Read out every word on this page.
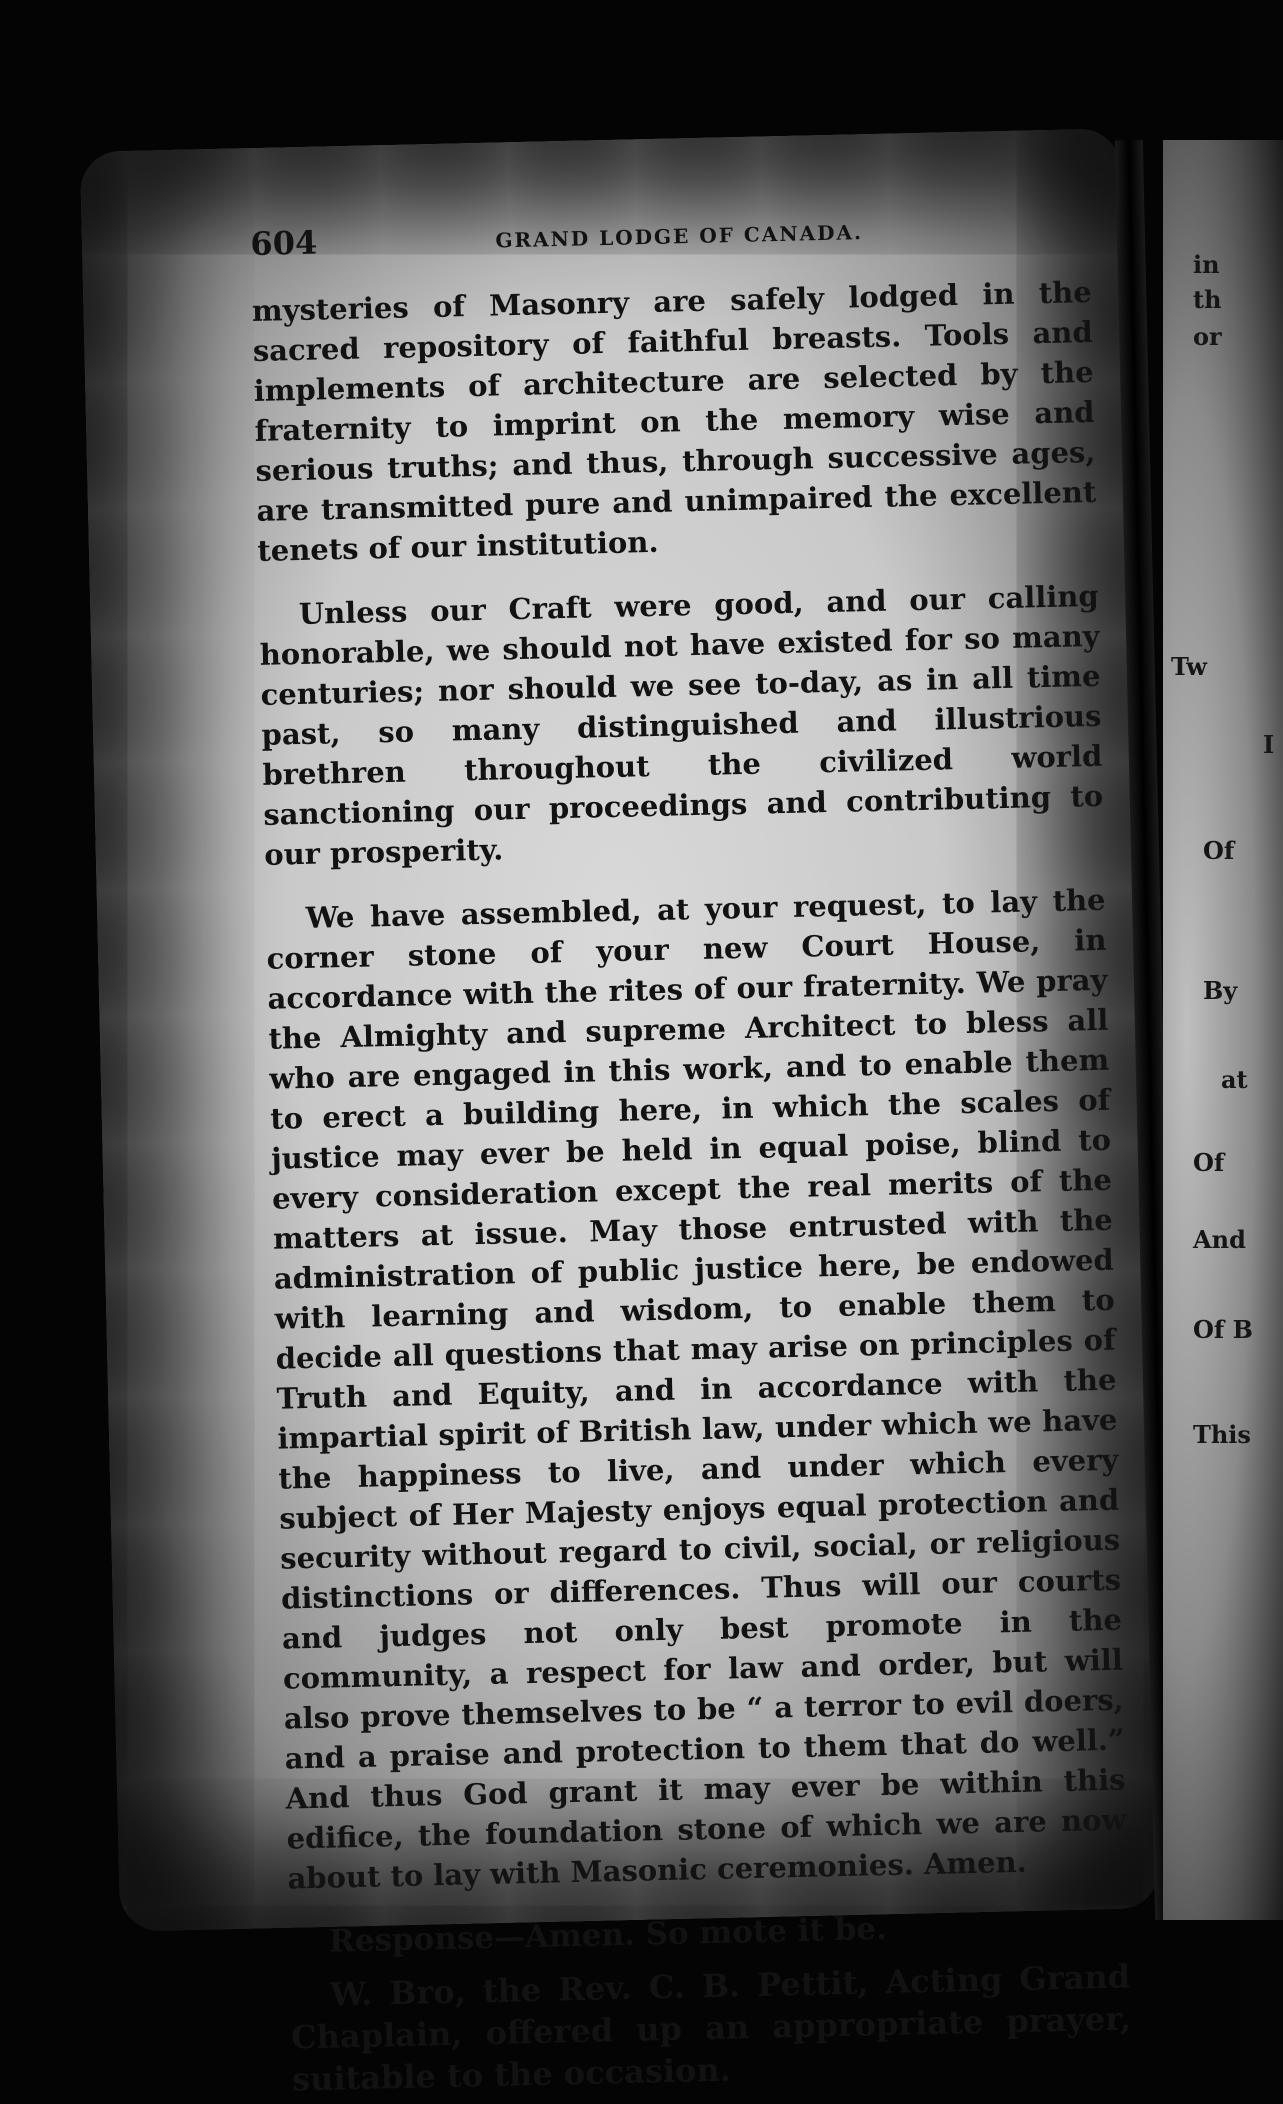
in
th
or
Tw
I
Of
By
at
Of
And
Of B
This
604	GRAND LODGE OF CANADA.

mysteries of Masonry are safely lodged in the sacred repository of faithful breasts. Tools and implements of architecture are selected by the fraternity to imprint on the memory wise and serious truths; and thus, through successive ages, are transmitted pure and unimpaired the excellent tenets of our institution.

Unless our Craft were good, and our calling honorable, we should not have existed for so many centuries; nor should we see to-day, as in all time past, so many distinguished and illustrious brethren throughout the civilized world sanctioning our proceedings and contributing to our prosperity.

We have assembled, at your request, to lay the corner stone of your new Court House, in accordance with the rites of our fraternity. We pray the Almighty and supreme Architect to bless all who are engaged in this work, and to enable them to erect a building here, in which the scales of justice may ever be held in equal poise, blind to every consideration except the real merits of the matters at issue. May those entrusted with the administration of public justice here, be endowed with learning and wisdom, to enable them to decide all questions that may arise on principles of Truth and Equity, and in accordance with the impartial spirit of British law, under which we have the happiness to live, and under which every subject of Her Majesty enjoys equal protection and security without regard to civil, social, or religious distinctions or differences. Thus will our courts and judges not only best promote in the community, a respect for law and order, but will also prove themselves to be “ a terror to evil doers, and a praise and protection to them that do well.” And thus God grant it may ever be within this edifice, the foundation stone of which we are now about to lay with Masonic ceremonies. Amen.

Response—Amen. So mote it be.

W. Bro, the Rev. C. B. Pettit, Acting Grand Chaplain, offered up an appropriate prayer, suitable to the occasion.
